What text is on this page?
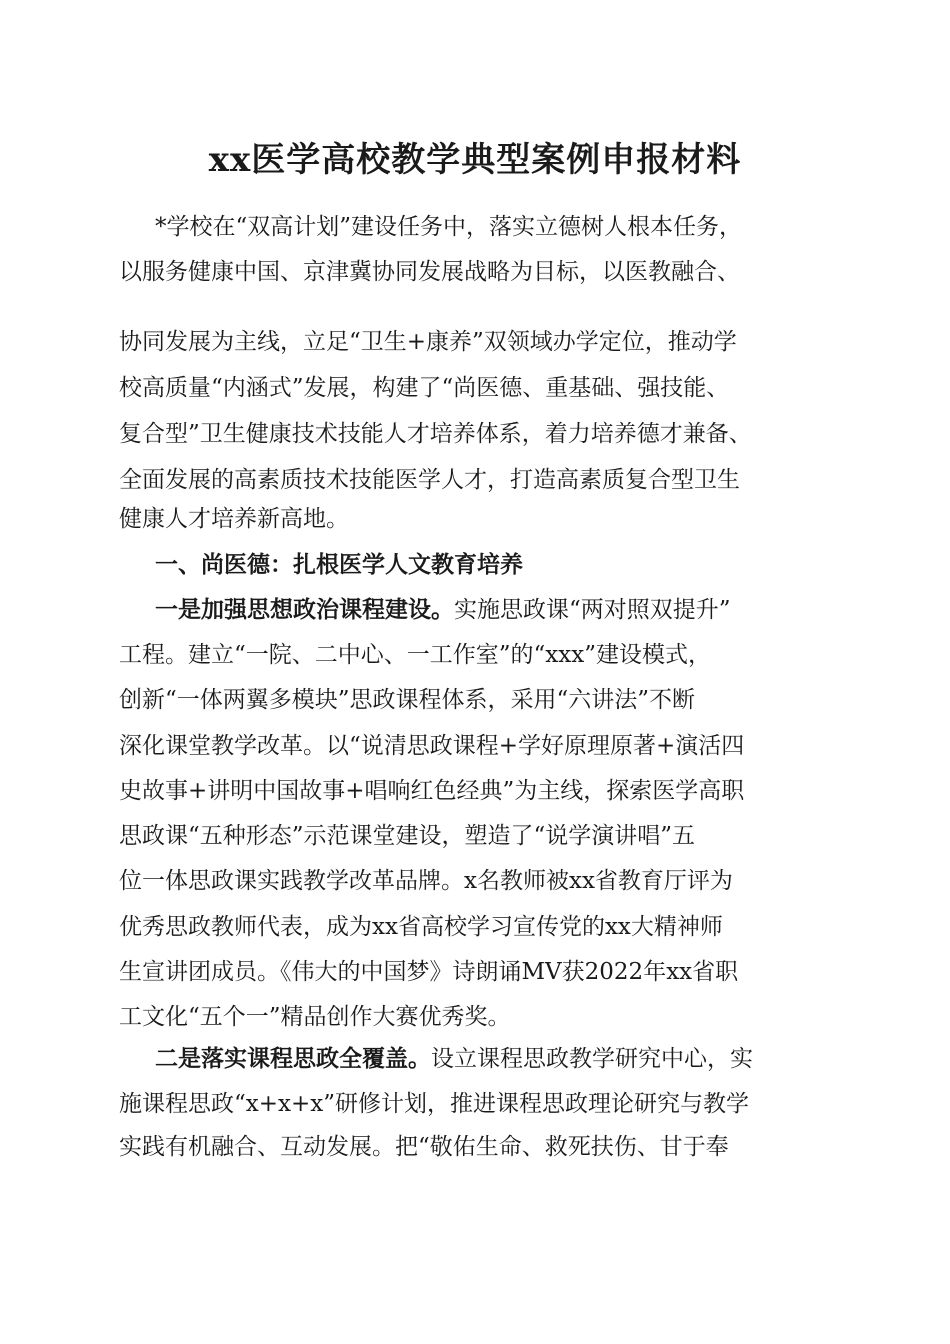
xx医学高校教学典型案例申报材料
*学校在“双高计划”建设任务中，落实立德树人根本任务，
以服务健康中国、京津冀协同发展战略为目标，以医教融合、
协同发展为主线，立足“卫生+康养”双领域办学定位，推动学
校高质量“内涵式”发展，构建了“尚医德、重基础、强技能、
复合型”卫生健康技术技能人才培养体系，着力培养德才兼备、
全面发展的高素质技术技能医学人才，打造高素质复合型卫生
健康人才培养新高地。
一、尚医德：扎根医学人文教育培养
一是加强思想政治课程建设。实施思政课“两对照双提升”
工程。建立“一院、二中心、一工作室”的“xxx”建设模式，
创新“一体两翼多模块”思政课程体系，采用“六讲法”不断
深化课堂教学改革。以“说清思政课程+学好原理原著+演活四
史故事+讲明中国故事+唱响红色经典”为主线，探索医学高职
思政课“五种形态”示范课堂建设，塑造了“说学演讲唱”五
位一体思政课实践教学改革品牌。x名教师被xx省教育厅评为
优秀思政教师代表，成为xx省高校学习宣传党的xx大精神师
生宣讲团成员。《伟大的中国梦》诗朗诵MV获2022年xx省职
工文化“五个一”精品创作大赛优秀奖。
二是落实课程思政全覆盖。设立课程思政教学研究中心，实
施课程思政“x+x+x”研修计划，推进课程思政理论研究与教学
实践有机融合、互动发展。把“敬佑生命、救死扶伤、甘于奉
